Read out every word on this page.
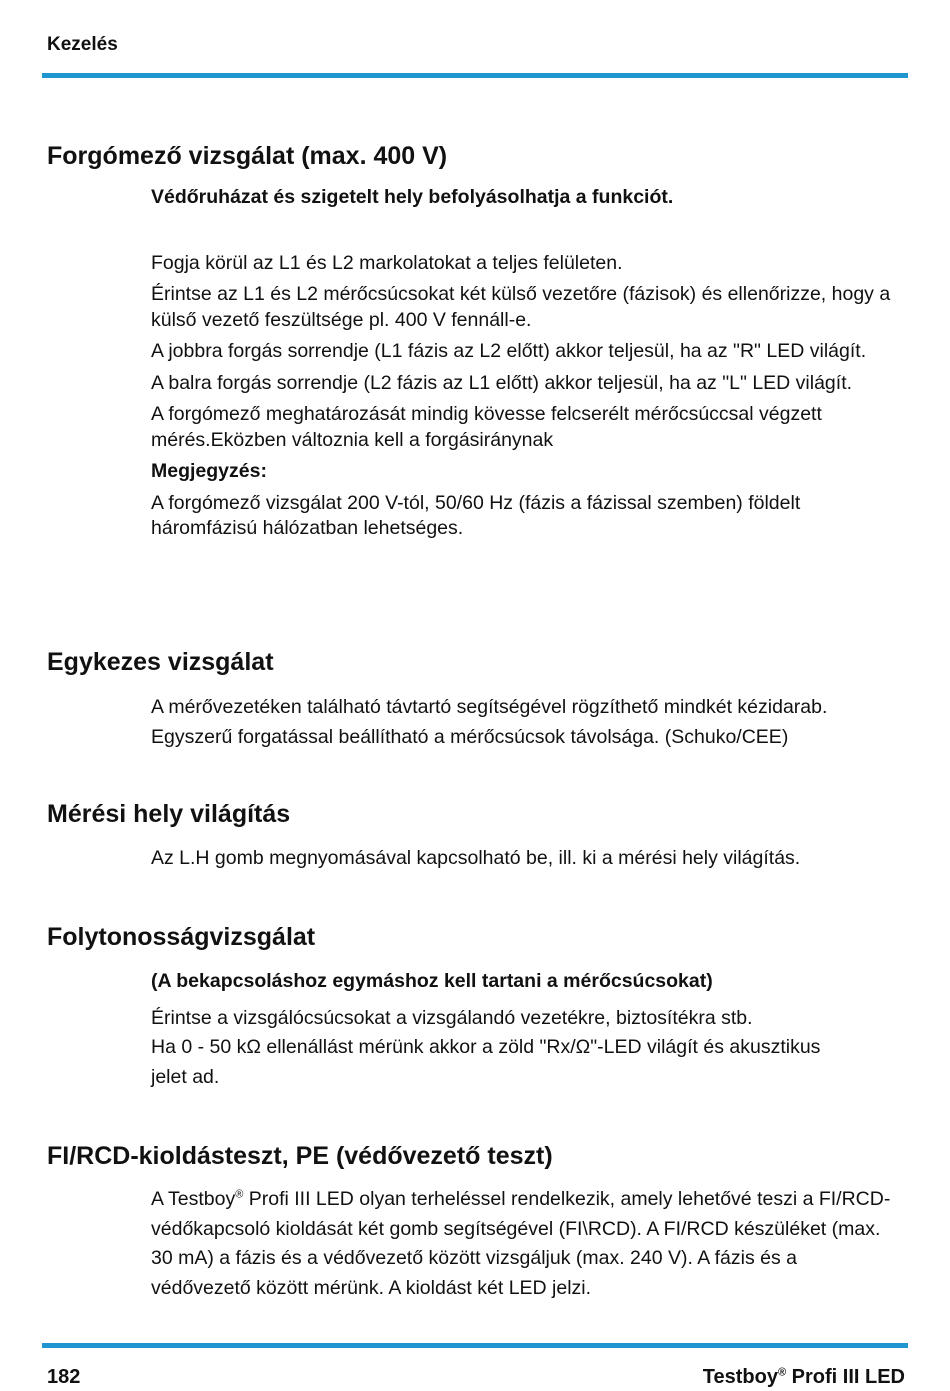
Kezelés
Forgómező vizsgálat (max. 400 V)

Védőruházat és szigetelt hely befolyásolhatja a funkciót.

Fogja körül az L1 és L2 markolatokat a teljes felületen.

Érintse az L1 és L2 mérőcsúcsokat két külső vezetőre (fázisok) és ellenőrizze, hogy a külső vezető feszültsége pl. 400 V fennáll-e.

A jobbra forgás sorrendje (L1 fázis az L2 előtt) akkor teljesül, ha az "R" LED világít.

A balra forgás sorrendje (L2 fázis az L1 előtt) akkor teljesül, ha az "L" LED világít.

A forgómező meghatározását mindig kövesse felcserélt mérőcsúccsal végzett mérés.Eközben változnia kell a forgásiránynak

Megjegyzés:

A forgómező vizsgálat 200 V-tól, 50/60 Hz (fázis a fázissal szemben) földelt háromfázisú hálózatban lehetséges.

Egykezes vizsgálat

A mérővezetéken található távtartó segítségével rögzíthető mindkét kézidarab.

Egyszerű forgatással beállítható a mérőcsúcsok távolsága. (Schuko/CEE)

Mérési hely világítás

Az L.H gomb megnyomásával kapcsolható be, ill. ki a mérési hely világítás.

Folytonosságvizsgálat

(A bekapcsoláshoz egymáshoz kell tartani a mérőcsúcsokat)

Érintse a vizsgálócsúcsokat a vizsgálandó vezetékre, biztosítékra stb.

Ha 0 - 50 kΩ ellenállást mérünk akkor a zöld "Rx/Ω"-LED világít és akusztikus jelet ad.

FI/RCD-kioldásteszt, PE (védővezető teszt)

A Testboy® Profi III LED olyan terheléssel rendelkezik, amely lehetővé teszi a FI/RCD-védőkapcsoló kioldását két gomb segítségével (FI\RCD). A FI/RCD készüléket (max. 30 mA) a fázis és a védővezető között vizsgáljuk (max. 240 V). A fázis és a védővezető között mérünk. A kioldást két LED jelzi.

182	Testboy® Profi III LED
